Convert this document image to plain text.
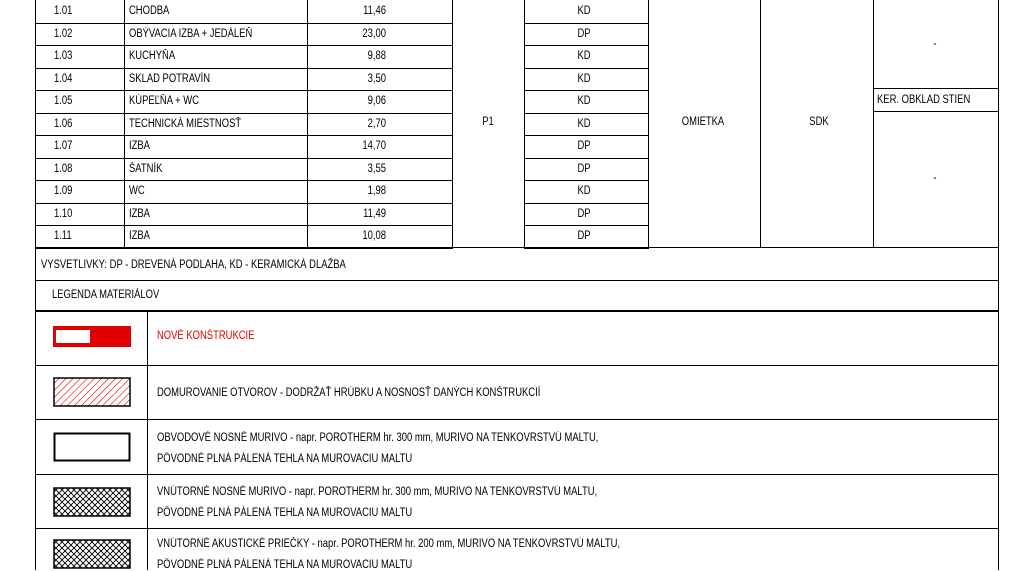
1.01	CHODBA	11,46	KD
1.02	OBÝVACIA IZBA + JEDÁLEŇ	23,00	DP
1.03	KUCHYŇA	9,88	KD
1.04	SKLAD POTRAVÍN	3,50	KD
1.05	KÚPEĽŇA + WC	9,06	KD
1.06	TECHNICKÁ MIESTNOSŤ	2,70	KD
1.07	IZBA	14,70	DP
1.08	ŠATNÍK	3,55	DP
1.09	WC	1,98	KD
1.10	IZBA	11,49	DP
1.11	IZBA	10,08	DP
P1	OMIETKA	SDK
-
KER. OBKLAD STIEN
-
VYSVETLIVKY: DP - DREVENÁ PODLAHA, KD - KERAMICKÁ DLAŽBA
LEGENDA MATERIÁLOV
NOVÉ KONŠTRUKCIE
DOMUROVANIE OTVOROV - DODRŽAŤ HRÚBKU A NOSNOSŤ DANÝCH KONŠTRUKCIÍ
OBVODOVÉ NOSNÉ MURIVO - napr. POROTHERM hr. 300 mm, MURIVO NA TENKOVRSTVÚ MALTU,
PÔVODNÉ PLNÁ PÁLENÁ TEHLA NA MUROVACIU MALTU
VNÚTORNÉ NOSNÉ MURIVO - napr. POROTHERM hr. 300 mm, MURIVO NA TENKOVRSTVÚ MALTU,
PÔVODNÉ PLNÁ PÁLENÁ TEHLA NA MUROVACIU MALTU
VNÚTORNÉ AKUSTICKÉ PRIEČKY - napr. POROTHERM hr. 200 mm, MURIVO NA TENKOVRSTVÚ MALTU,
PÔVODNÉ PLNÁ PÁLENÁ TEHLA NA MUROVACIU MALTU
